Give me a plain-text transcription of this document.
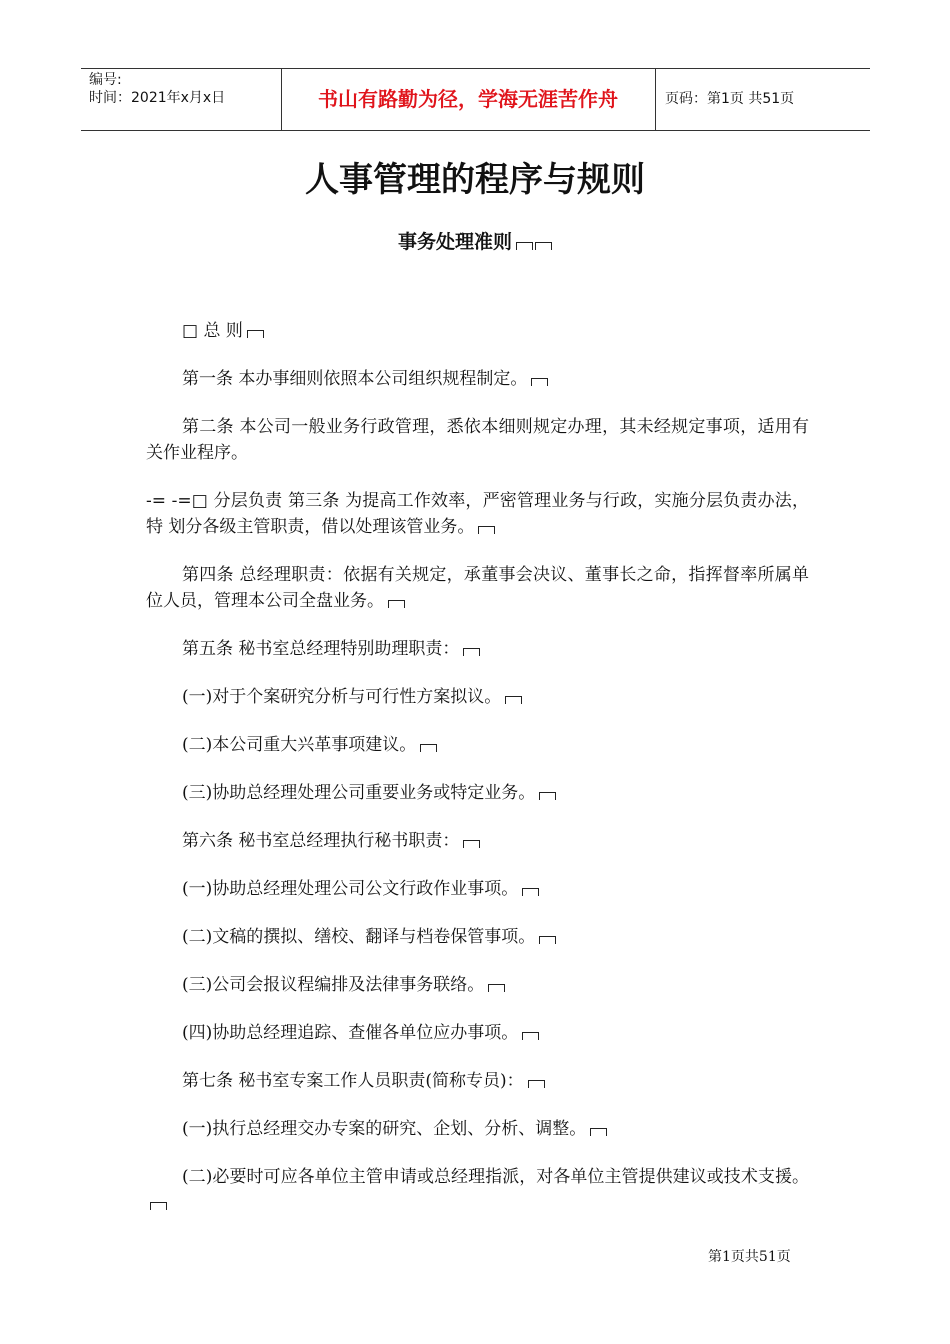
编号:
时间：2021年x月x日	书山有路勤为径，学海无涯苦作舟	页码：第1页 共51页
人事管理的程序与规则
事务处理准则

□ 总 则

第一条 本办事细则依照本公司组织规程制定。

第二条 本公司一般业务行政管理，悉依本细则规定办理，其未经规定事项，适用有关作业程序。

-= -=□ 分层负责 第三条 为提高工作效率，严密管理业务与行政，实施分层负责办法，特 划分各级主管职责，借以处理该管业务。

第四条 总经理职责：依据有关规定，承董事会决议、董事长之命，指挥督率所属单位人员，管理本公司全盘业务。

第五条 秘书室总经理特别助理职责：

(一)对于个案研究分析与可行性方案拟议。

(二)本公司重大兴革事项建议。

(三)协助总经理处理公司重要业务或特定业务。

第六条 秘书室总经理执行秘书职责：

(一)协助总经理处理公司公文行政作业事项。

(二)文稿的撰拟、缮校、翻译与档卷保管事项。

(三)公司会报议程编排及法律事务联络。

(四)协助总经理追踪、查催各单位应办事项。

第七条 秘书室专案工作人员职责(简称专员)：

(一)执行总经理交办专案的研究、企划、分析、调整。

(二)必要时可应各单位主管申请或总经理指派，对各单位主管提供建议或技术支援。

第1页共51页
